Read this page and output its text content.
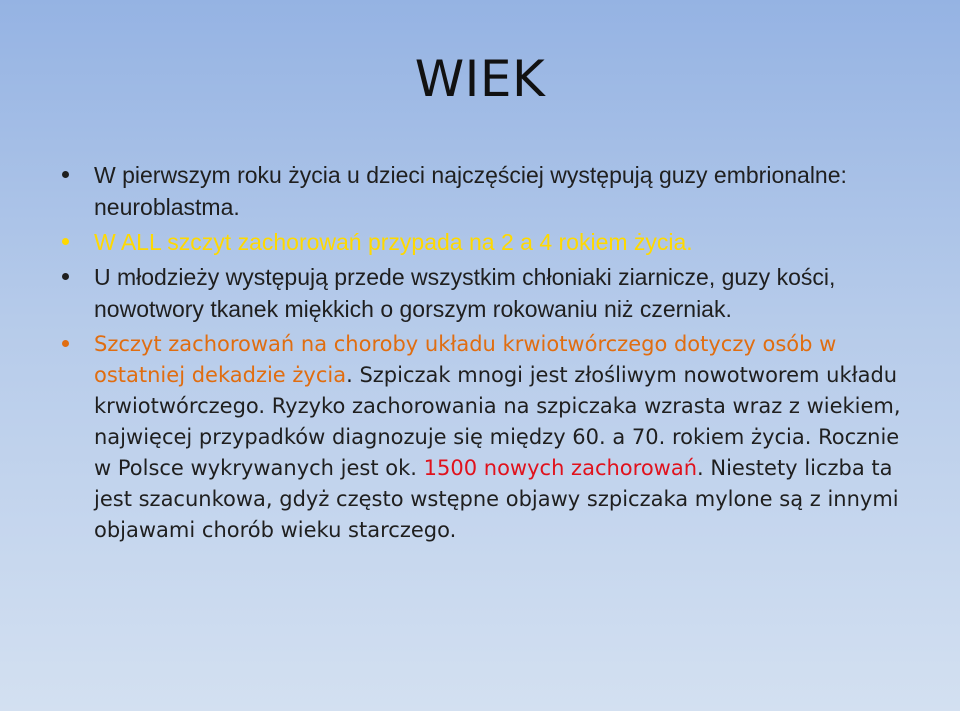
WIEK
W pierwszym roku życia u dzieci najczęściej występują guzy embrionalne: neuroblastma.
W ALL szczyt zachorowań przypada na 2 a 4 rokiem życia.
U młodzieży występują przede wszystkim chłoniaki ziarnicze, guzy kości, nowotwory tkanek miękkich o gorszym rokowaniu niż czerniak.
Szczyt zachorowań na choroby układu krwiotwórczego dotyczy osób w ostatniej dekadzie życia. Szpiczak mnogi jest złośliwym nowotworem układu krwiotwórczego. Ryzyko zachorowania na szpiczaka wzrasta wraz z wiekiem, najwięcej przypadków diagnozuje się między 60. a 70. rokiem życia. Rocznie w Polsce wykrywanych jest ok. 1500 nowych zachorowań. Niestety liczba ta jest szacunkowa, gdyż często wstępne objawy szpiczaka mylone są z innymi objawami chorób wieku starczego.
